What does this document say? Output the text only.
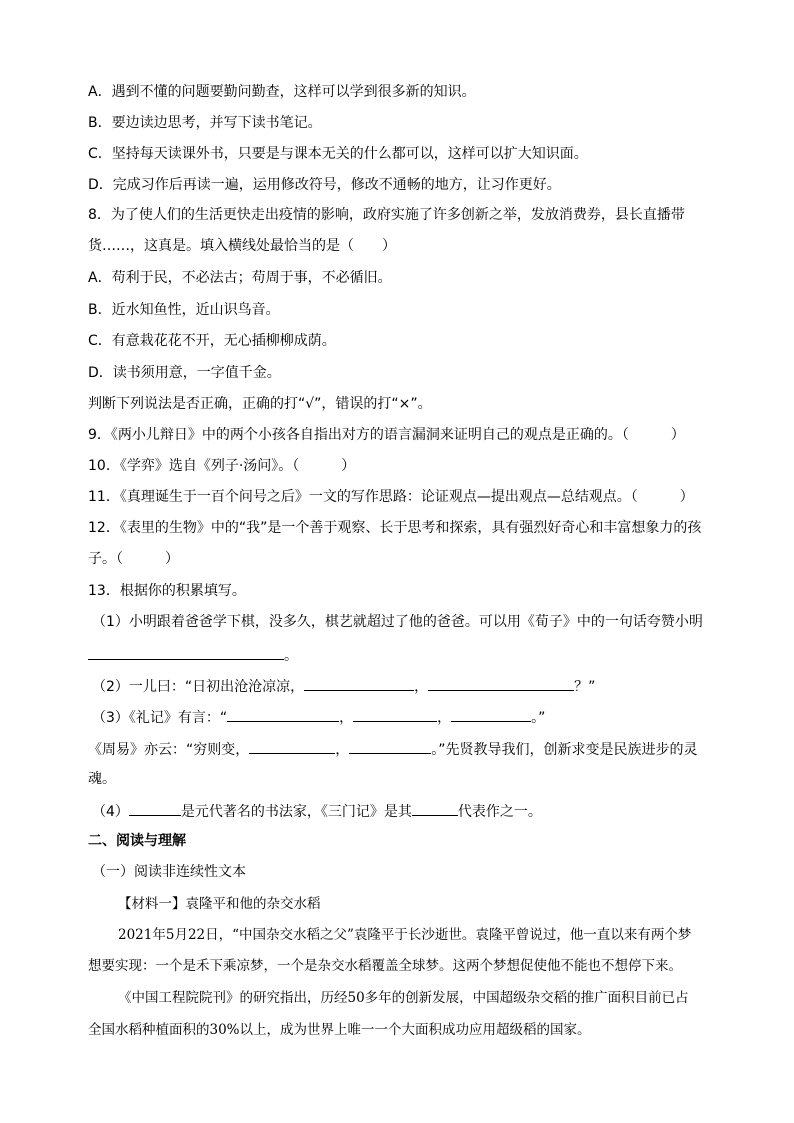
A．遇到不懂的问题要勤问勤查，这样可以学到很多新的知识。
B．要边读边思考，并写下读书笔记。
C．坚持每天读课外书，只要是与课本无关的什么都可以，这样可以扩大知识面。
D．完成习作后再读一遍，运用修改符号，修改不通畅的地方，让习作更好。
8．为了使人们的生活更快走出疫情的影响，政府实施了许多创新之举，发放消费券，县长直播带
货……，这真是。填入横线处最恰当的是（　　）
A．苟利于民，不必法古；苟周于事，不必循旧。
B．近水知鱼性，近山识鸟音。
C．有意栽花花不开，无心插柳柳成荫。
D．读书须用意，一字值千金。
判断下列说法是否正确，正确的打“√”，错误的打“×”。
9．《两小儿辩日》中的两个小孩各自指出对方的语言漏洞来证明自己的观点是正确的。（　　　）
10．《学弈》选自《列子·汤问》。（　　　）
11．《真理诞生于一百个问号之后》一文的写作思路：论证观点—提出观点—总结观点。（　　　）
12．《表里的生物》中的“我”是一个善于观察、长于思考和探索，具有强烈好奇心和丰富想象力的孩
子。（　　　）
13．根据你的积累填写。
（1）小明跟着爸爸学下棋，没多久，棋艺就超过了他的爸爸。可以用《荀子》中的一句话夸赞小明
。
（2）一儿曰：“日初出沧沧凉凉，	，	？”
（3）《礼记》有言：“	，	，	。”
《周易》亦云：“穷则变，	，	。”先贤教导我们，创新求变是民族进步的灵
魂。
（4）	是元代著名的书法家，《三门记》是其	代表作之一。
二、阅读与理解
（一）阅读非连续性文本
【材料一】袁隆平和他的杂交水稻
2021年5月22日，“中国杂交水稻之父”袁隆平于长沙逝世。袁隆平曾说过，他一直以来有两个梦
想要实现：一个是禾下乘凉梦，一个是杂交水稻覆盖全球梦。这两个梦想促使他不能也不想停下来。
《中国工程院院刊》的研究指出，历经50多年的创新发展，中国超级杂交稻的推广面积目前已占
全国水稻种植面积的30%以上，成为世界上唯一一个大面积成功应用超级稻的国家。
